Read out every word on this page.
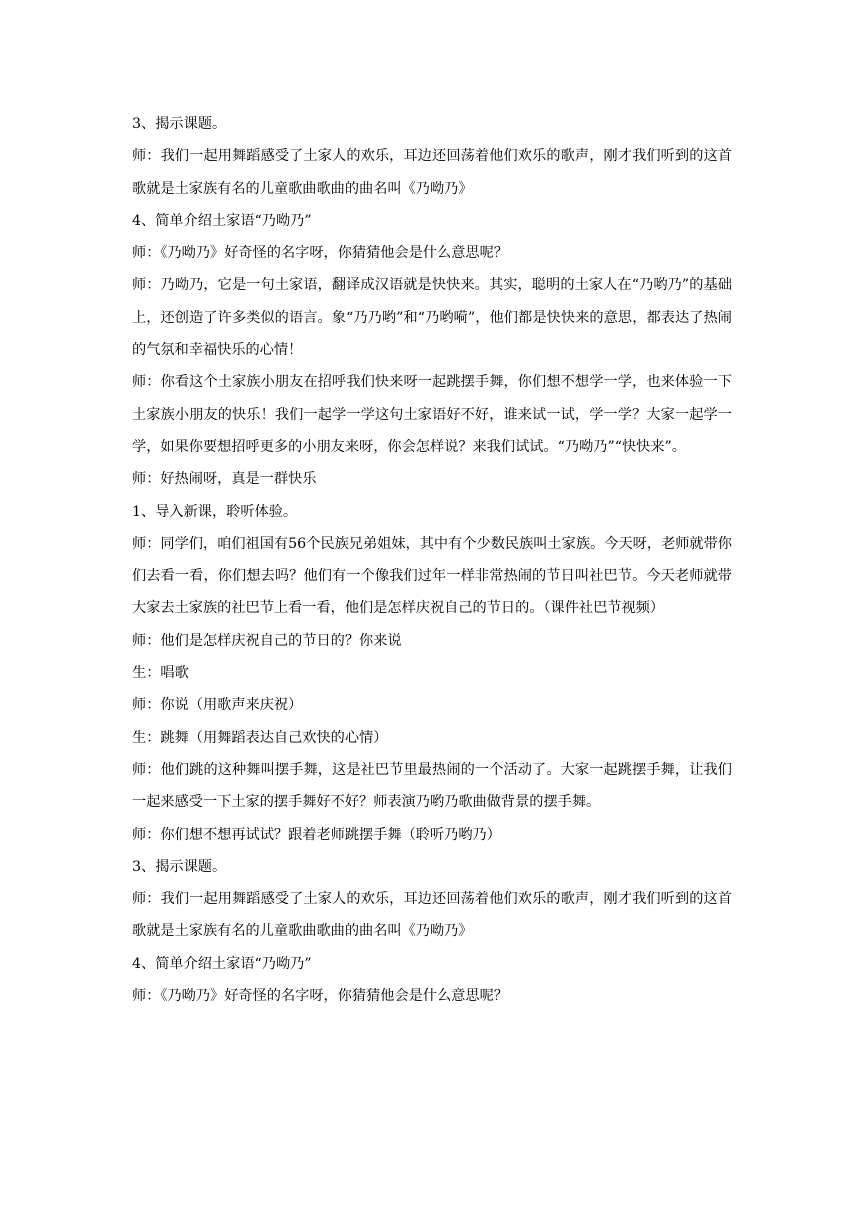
3、揭示课题。

师：我们一起用舞蹈感受了土家人的欢乐，耳边还回荡着他们欢乐的歌声，刚才我们听到的这首歌就是土家族有名的儿童歌曲歌曲的曲名叫《乃呦乃》

4、简单介绍土家语“乃呦乃”

师：《乃呦乃》好奇怪的名字呀，你猜猜他会是什么意思呢？

师：乃呦乃，它是一句土家语，翻译成汉语就是快快来。其实，聪明的土家人在“乃哟乃”的基础上，还创造了许多类似的语言。象“乃乃哟”和“乃哟嗬”，他们都是快快来的意思，都表达了热闹的气氛和幸福快乐的心情！

师：你看这个土家族小朋友在招呼我们快来呀一起跳摆手舞，你们想不想学一学，也来体验一下土家族小朋友的快乐！我们一起学一学这句土家语好不好，谁来试一试，学一学？大家一起学一学，如果你要想招呼更多的小朋友来呀，你会怎样说？来我们试试。“乃呦乃”“快快来”。

师：好热闹呀，真是一群快乐

1、导入新课，聆听体验。

师：同学们，咱们祖国有56个民族兄弟姐妹，其中有个少数民族叫土家族。今天呀，老师就带你们去看一看，你们想去吗？他们有一个像我们过年一样非常热闹的节日叫社巴节。今天老师就带大家去土家族的社巴节上看一看，他们是怎样庆祝自己的节日的。（课件社巴节视频）

师：他们是怎样庆祝自己的节日的？你来说

生：唱歌

师：你说（用歌声来庆祝）

生：跳舞（用舞蹈表达自己欢快的心情）

师：他们跳的这种舞叫摆手舞，这是社巴节里最热闹的一个活动了。大家一起跳摆手舞，让我们一起来感受一下土家的摆手舞好不好？师表演乃哟乃歌曲做背景的摆手舞。

师：你们想不想再试试？跟着老师跳摆手舞（聆听乃哟乃）

3、揭示课题。

师：我们一起用舞蹈感受了土家人的欢乐，耳边还回荡着他们欢乐的歌声，刚才我们听到的这首歌就是土家族有名的儿童歌曲歌曲的曲名叫《乃呦乃》

4、简单介绍土家语“乃呦乃”

师：《乃呦乃》好奇怪的名字呀，你猜猜他会是什么意思呢？
